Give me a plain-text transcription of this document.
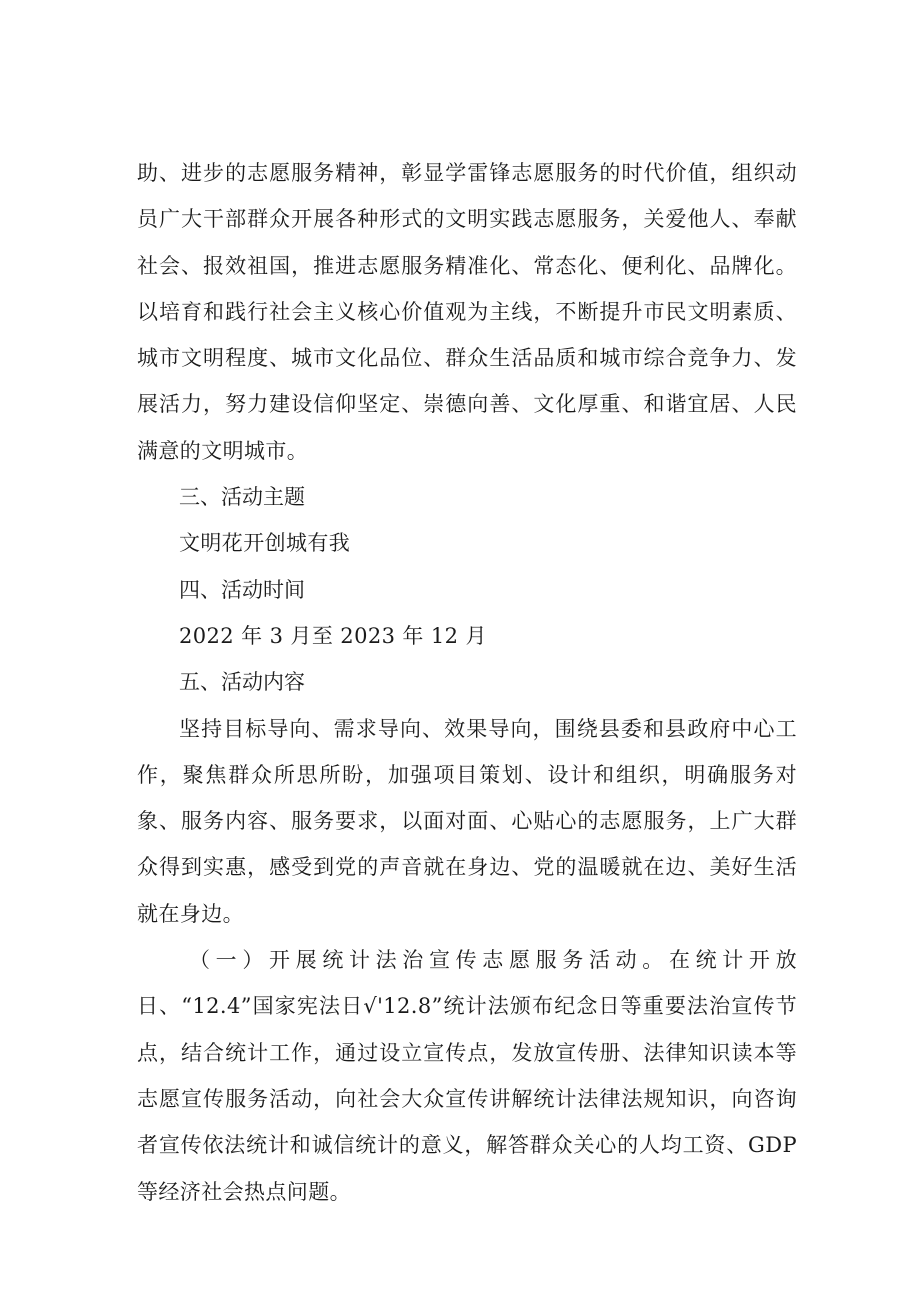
助、进步的志愿服务精神，彰显学雷锋志愿服务的时代价值，组织动员广大干部群众开展各种形式的文明实践志愿服务，关爱他人、奉献社会、报效祖国，推进志愿服务精准化、常态化、便利化、品牌化。以培育和践行社会主义核心价值观为主线，不断提升市民文明素质、城市文明程度、城市文化品位、群众生活品质和城市综合竞争力、发展活力，努力建设信仰坚定、崇德向善、文化厚重、和谐宜居、人民满意的文明城市。

三、活动主题

文明花开创城有我

四、活动时间

2022 年 3 月至 2023 年 12 月

五、活动内容

坚持目标导向、需求导向、效果导向，围绕县委和县政府中心工作，聚焦群众所思所盼，加强项目策划、设计和组织，明确服务对象、服务内容、服务要求，以面对面、心贴心的志愿服务，上广大群众得到实惠，感受到党的声音就在身边、党的温暖就在边、美好生活就在身边。

（一）开展统计法治宣传志愿服务活动。在统计开放日、“12.4”国家宪法日√'12.8”统计法颁布纪念日等重要法治宣传节点，结合统计工作，通过设立宣传点，发放宣传册、法律知识读本等志愿宣传服务活动，向社会大众宣传讲解统计法律法规知识，向咨询者宣传依法统计和诚信统计的意义，解答群众关心的人均工资、GDP 等经济社会热点问题。
